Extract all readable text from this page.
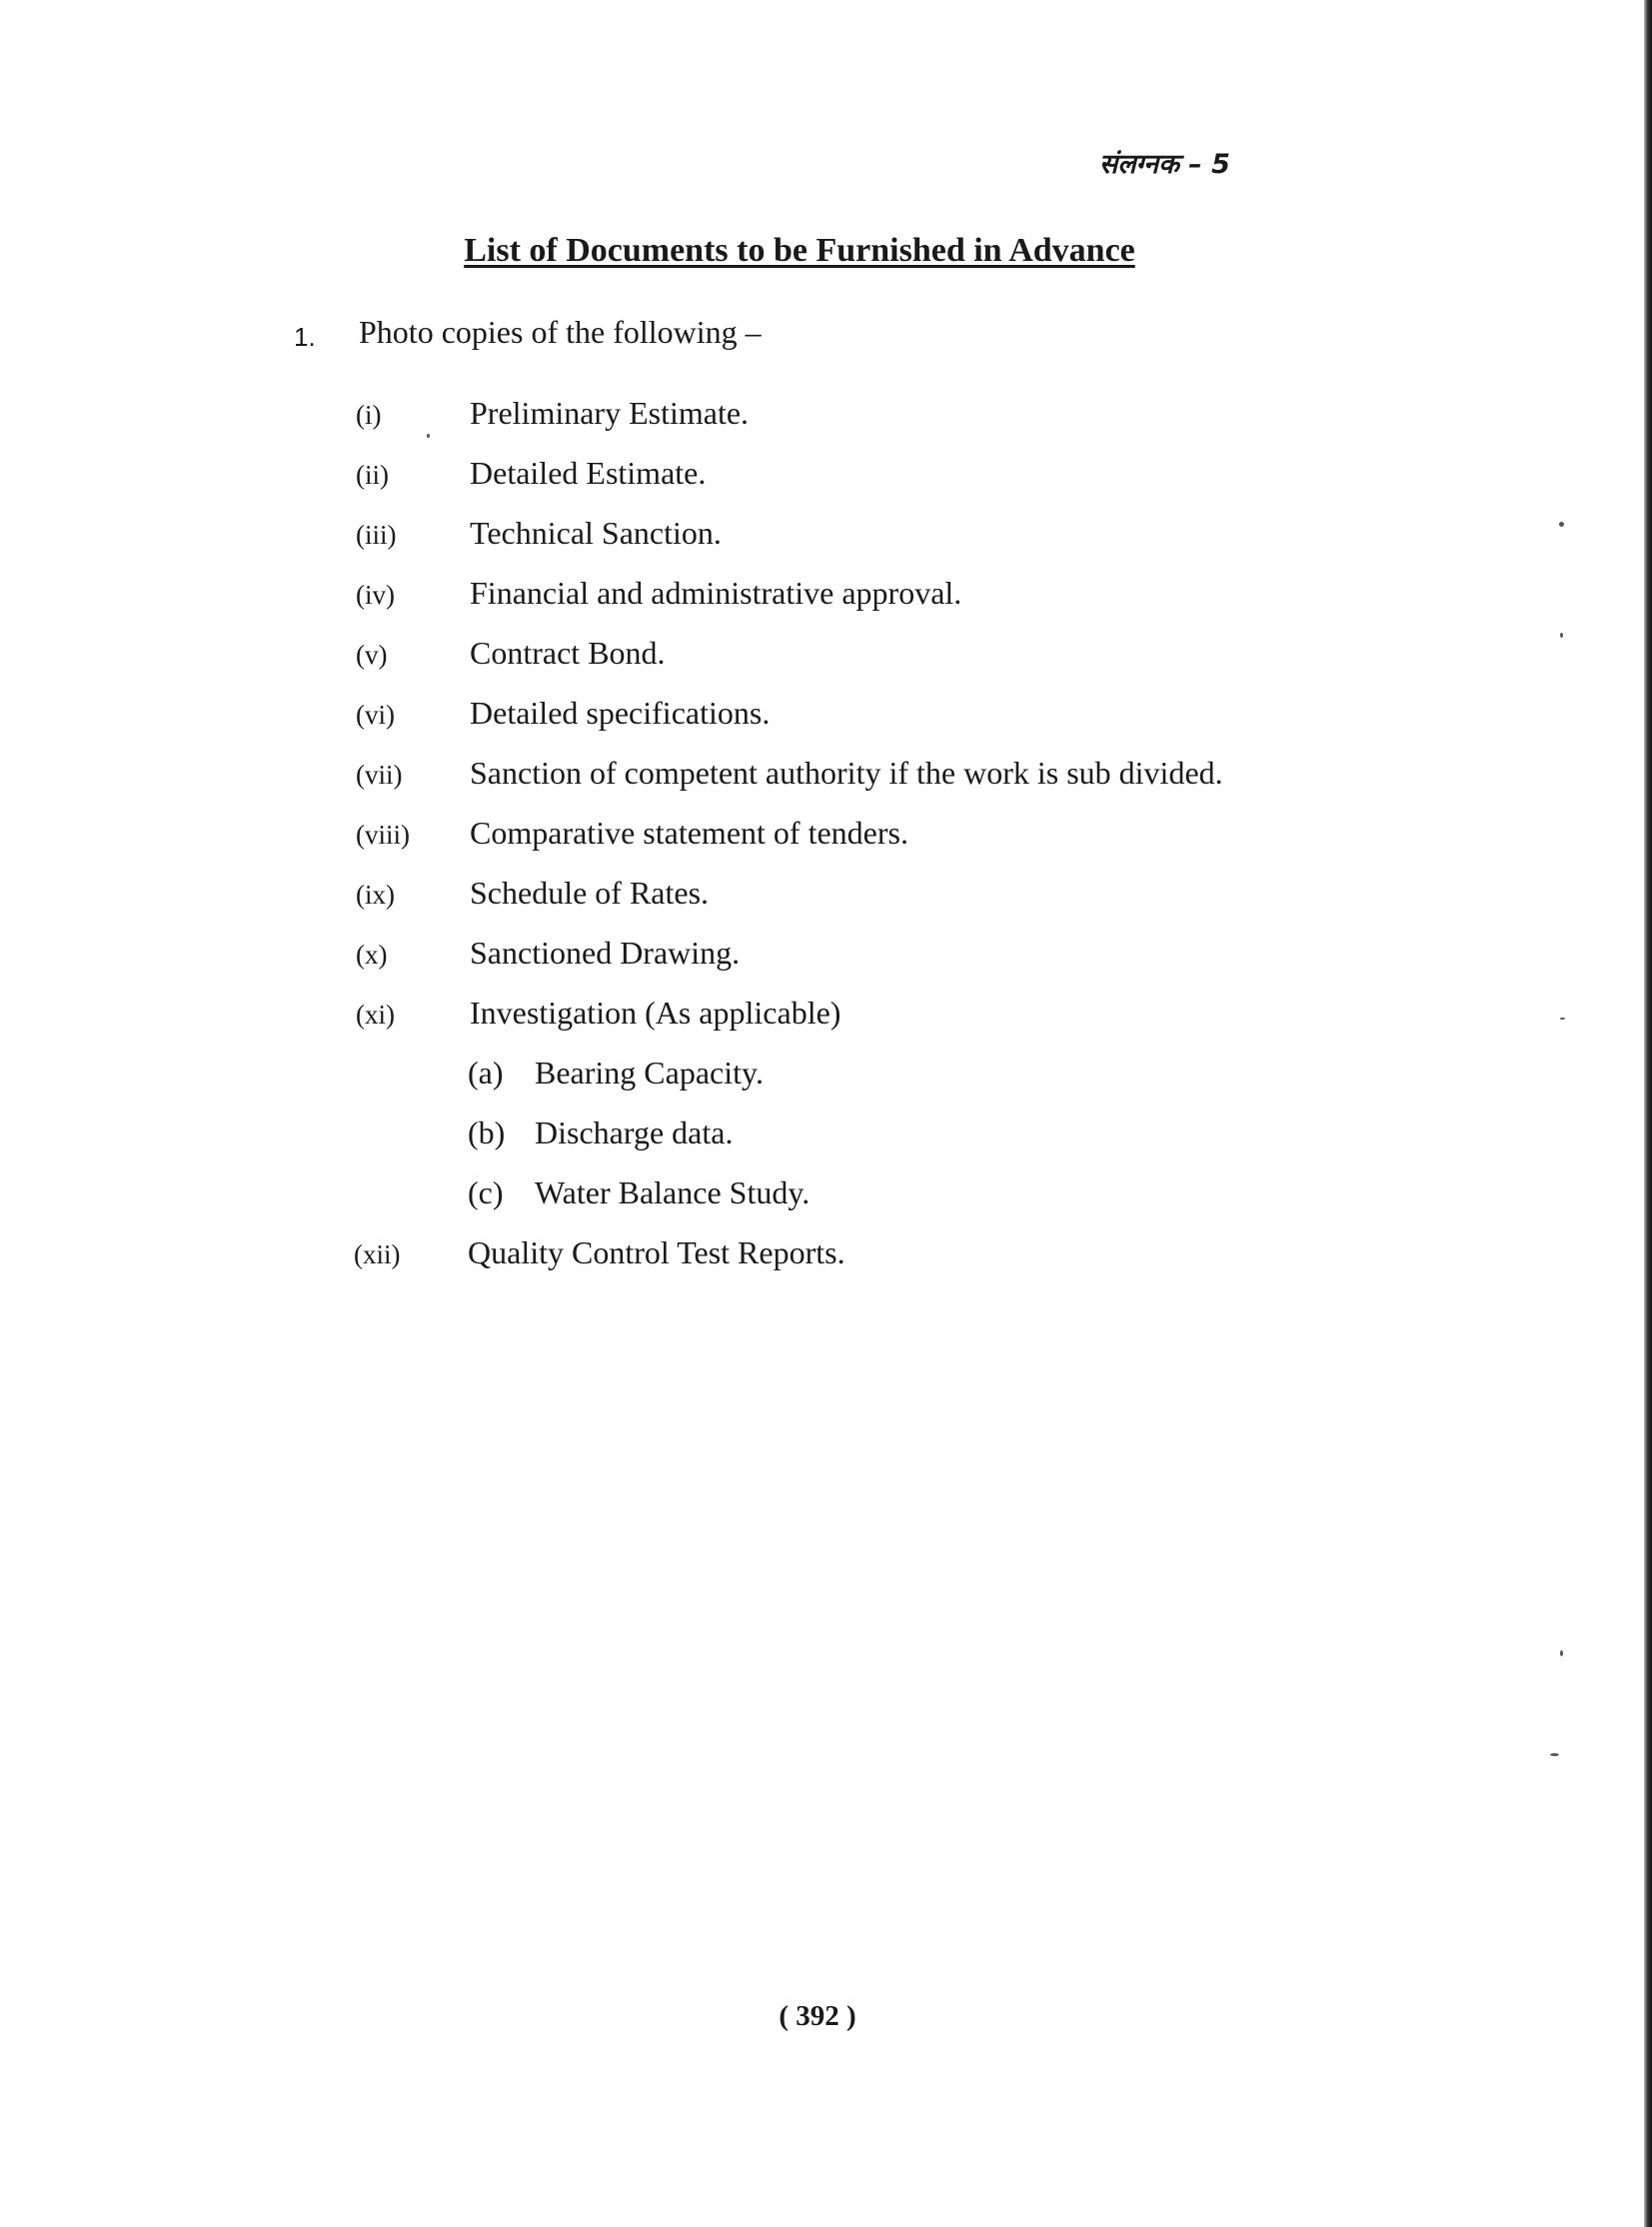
संलग्नक – 5
List of Documents to be Furnished in Advance
1. Photo copies of the following –
(i)	Preliminary Estimate.
(ii)	Detailed Estimate.
(iii) Technical Sanction.
(iv) Financial and administrative approval.
(v)	Contract Bond.
(vi) Detailed specifications.
(vii) Sanction of competent authority if the work is sub divided.
(viii) Comparative statement of tenders.
(ix) Schedule of Rates.
(x)	Sanctioned Drawing.
(xi) Investigation (As applicable)
(a) Bearing Capacity.
(b) Discharge data.
(c) Water Balance Study.
(xii) Quality Control Test Reports.
( 392 )
